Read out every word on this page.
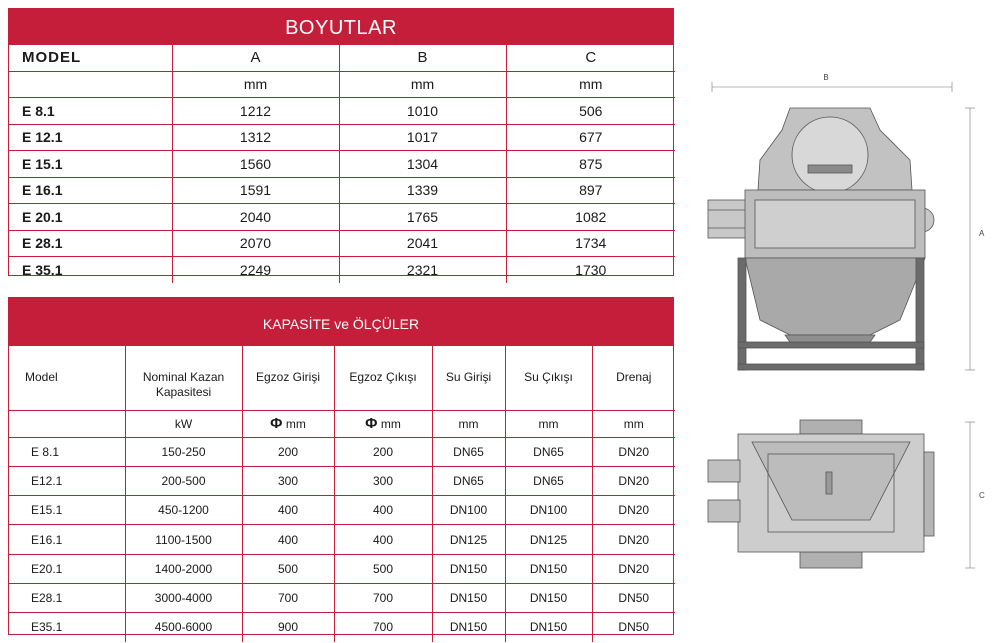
BOYUTLAR
MODEL	A	B	C
	mm	mm	mm
E 8.1	1212	1010	506
E 12.1	1312	1017	677
E 15.1	1560	1304	875
E 16.1	1591	1339	897
E 20.1	2040	1765	1082
E 28.1	2070	2041	1734
E 35.1	2249	2321	1730
KAPASİTE ve ÖLÇÜLER
Model	Nominal Kazan Kapasitesi	Egzoz Girişi	Egzoz Çıkışı	Su Girişi	Su Çıkışı	Drenaj
	kW	Φ mm	Φ mm	mm	mm	mm
E 8.1	150-250	200	200	DN65	DN65	DN20
E12.1	200-500	300	300	DN65	DN65	DN20
E15.1	450-1200	400	400	DN100	DN100	DN20
E16.1	1100-1500	400	400	DN125	DN125	DN20
E20.1	1400-2000	500	500	DN150	DN150	DN20
E28.1	3000-4000	700	700	DN150	DN150	DN50
E35.1	4500-6000	900	700	DN150	DN150	DN50
B
A
C
